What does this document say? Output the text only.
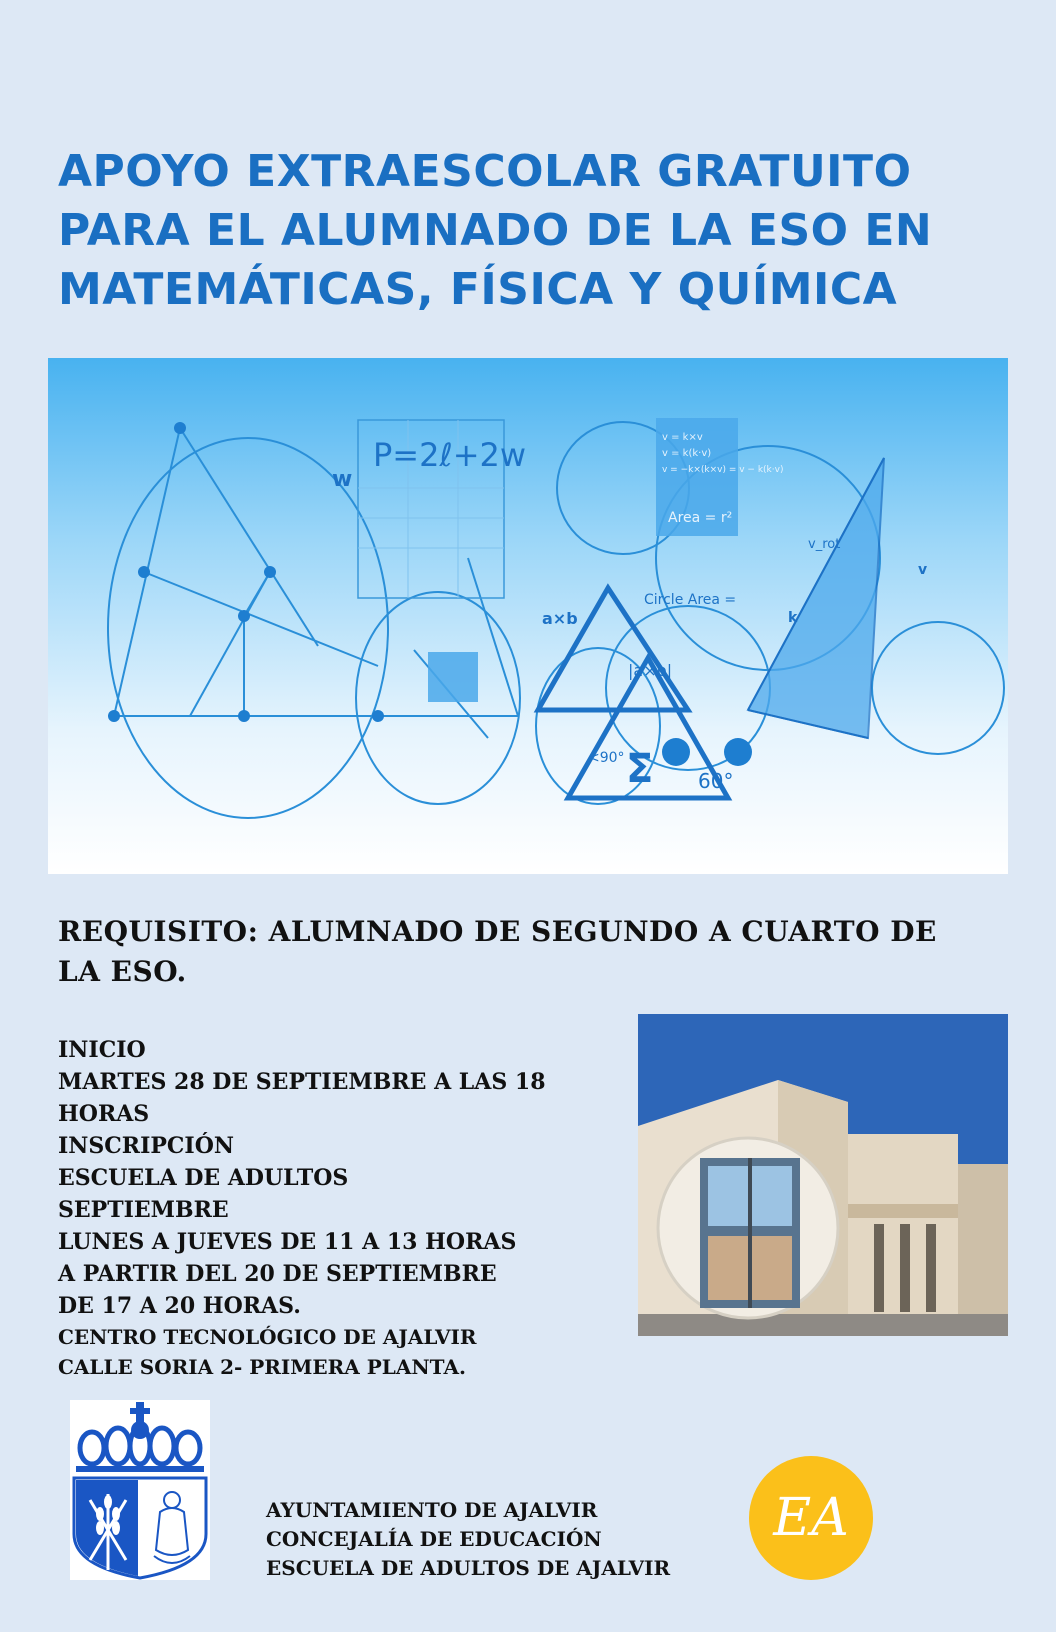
APOYO EXTRAESCOLAR GRATUITO
PARA EL ALUMNADO DE LA ESO EN
MATEMÁTICAS, FÍSICA Y QUÍMICA
P=2ℓ+2w
w
Area = r²
v = k×v
v = k(k·v)
v = −k×(k×v) = v − k(k·v)
Circle Area =
a×b
|a×b|
Σ 60°
<90°
v_rot
k
v

REQUISITO: ALUMNADO DE SEGUNDO A CUARTO DE LA ESO.

INICIO
MARTES 28 DE SEPTIEMBRE A LAS 18
HORAS
INSCRIPCIÓN
ESCUELA DE ADULTOS
SEPTIEMBRE
LUNES A JUEVES DE 11 A 13 HORAS
A PARTIR DEL 20 DE SEPTIEMBRE
DE 17 A 20 HORAS.
CENTRO TECNOLÓGICO DE AJALVIR
CALLE SORIA 2- PRIMERA PLANTA.
AYUNTAMIENTO DE AJALVIR
CONCEJALÍA DE EDUCACIÓN
ESCUELA DE ADULTOS DE AJALVIR
EA
